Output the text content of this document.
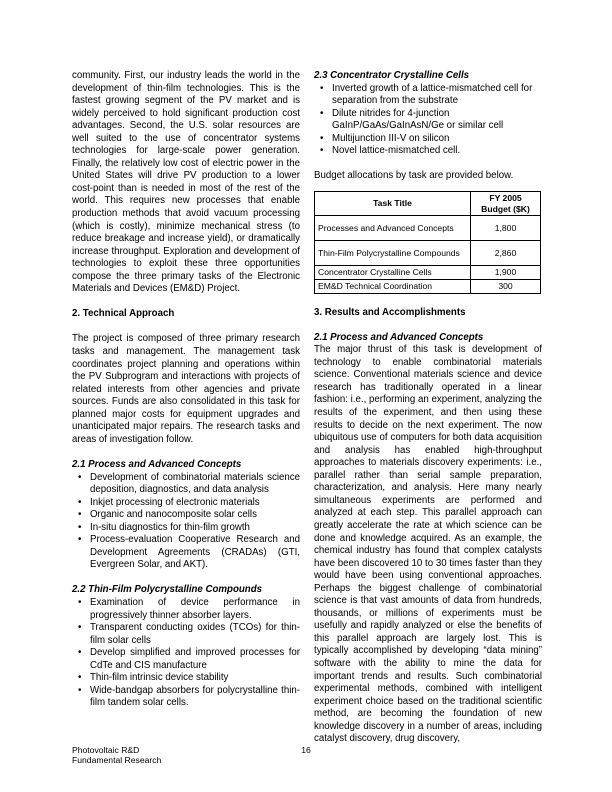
community. First, our industry leads the world in the development of thin-film technologies. This is the fastest growing segment of the PV market and is widely perceived to hold significant production cost advantages. Second, the U.S. solar resources are well suited to the use of concentrator systems technologies for large-scale power generation. Finally, the relatively low cost of electric power in the United States will drive PV production to a lower cost-point than is needed in most of the rest of the world. This requires new processes that enable production methods that avoid vacuum processing (which is costly), minimize mechanical stress (to reduce breakage and increase yield), or dramatically increase throughput. Exploration and development of technologies to exploit these three opportunities compose the three primary tasks of the Electronic Materials and Devices (EM&D) Project.

2. Technical Approach

The project is composed of three primary research tasks and management. The management task coordinates project planning and operations within the PV Subprogram and interactions with projects of related interests from other agencies and private sources. Funds are also consolidated in this task for planned major costs for equipment upgrades and unanticipated major repairs. The research tasks and areas of investigation follow.

2.1 Process and Advanced Concepts
• Development of combinatorial materials science deposition, diagnostics, and data analysis
• Inkjet processing of electronic materials
• Organic and nanocomposite solar cells
• In-situ diagnostics for thin-film growth
• Process-evaluation Cooperative Research and Development Agreements (CRADAs) (GTI, Evergreen Solar, and AKT).
2.2 Thin-Film Polycrystalline Compounds
• Examination of device performance in progressively thinner absorber layers.
• Transparent conducting oxides (TCOs) for thin-film solar cells
• Develop simplified and improved processes for CdTe and CIS manufacture
• Thin-film intrinsic device stability
• Wide-bandgap absorbers for polycrystalline thin-film tandem solar cells.
2.3 Concentrator Crystalline Cells
• Inverted growth of a lattice-mismatched cell for separation from the substrate
• Dilute nitrides for 4-junction GaInP/GaAs/GaInAsN/Ge or similar cell
• Multijunction III-V on silicon
• Novel lattice-mismatched cell.

Budget allocations by task are provided below.

Task Title	FY 2005
Budget ($K)
Processes and Advanced Concepts	1,800
Thin-Film Polycrystalline Compounds	2,860
Concentrator Crystalline Cells	1,900
EM&D Technical Coordination	300
3. Results and Accomplishments
2.1 Process and Advanced Concepts

The major thrust of this task is development of technology to enable combinatorial materials science. Conventional materials science and device research has traditionally operated in a linear fashion: i.e., performing an experiment, analyzing the results of the experiment, and then using these results to decide on the next experiment. The now ubiquitous use of computers for both data acquisition and analysis has enabled high-throughput approaches to materials discovery experiments: i.e., parallel rather than serial sample preparation, characterization, and analysis. Here many nearly simultaneous experiments are performed and analyzed at each step. This parallel approach can greatly accelerate the rate at which science can be done and knowledge acquired. As an example, the chemical industry has found that complex catalysts have been discovered 10 to 30 times faster than they would have been using conventional approaches. Perhaps the biggest challenge of combinatorial science is that vast amounts of data from hundreds, thousands, or millions of experiments must be usefully and rapidly analyzed or else the benefits of this parallel approach are largely lost. This is typically accomplished by developing “data mining” software with the ability to mine the data for important trends and results. Such combinatorial experimental methods, combined with intelligent experiment choice based on the traditional scientific method, are becoming the foundation of new knowledge discovery in a number of areas, including catalyst discovery, drug discovery,

Photovoltaic R&D
Fundamental Research
16
